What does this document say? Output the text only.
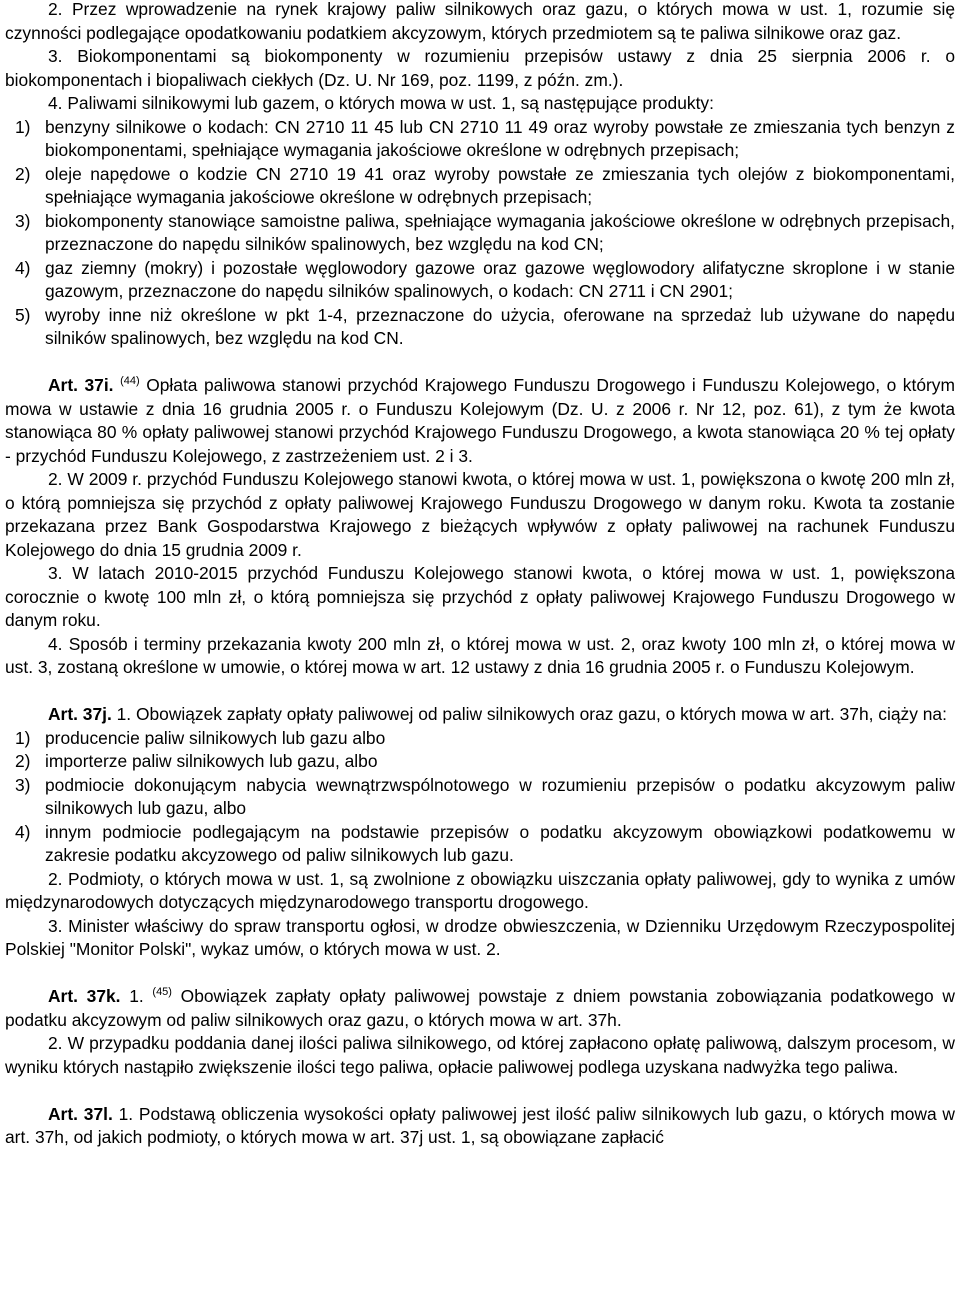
2. Przez wprowadzenie na rynek krajowy paliw silnikowych oraz gazu, o których mowa w ust. 1, rozumie się czynności podlegające opodatkowaniu podatkiem akcyzowym, których przedmiotem są te paliwa silnikowe oraz gaz.

3. Biokomponentami są biokomponenty w rozumieniu przepisów ustawy z dnia 25 sierpnia 2006 r. o biokomponentach i biopaliwach ciekłych (Dz. U. Nr 169, poz. 1199, z późn. zm.).

4. Paliwami silnikowymi lub gazem, o których mowa w ust. 1, są następujące produkty:

1) benzyny silnikowe o kodach: CN 2710 11 45 lub CN 2710 11 49 oraz wyroby powstałe ze zmieszania tych benzyn z biokomponentami, spełniające wymagania jakościowe określone w odrębnych przepisach;
2) oleje napędowe o kodzie CN 2710 19 41 oraz wyroby powstałe ze zmieszania tych olejów z biokomponentami, spełniające wymagania jakościowe określone w odrębnych przepisach;
3) biokomponenty stanowiące samoistne paliwa, spełniające wymagania jakościowe określone w odrębnych przepisach, przeznaczone do napędu silników spalinowych, bez względu na kod CN;
4) gaz ziemny (mokry) i pozostałe węglowodory gazowe oraz gazowe węglowodory alifatyczne skroplone i w stanie gazowym, przeznaczone do napędu silników spalinowych, o kodach: CN 2711 i CN 2901;
5) wyroby inne niż określone w pkt 1-4, przeznaczone do użycia, oferowane na sprzedaż lub używane do napędu silników spalinowych, bez względu na kod CN.

Art. 37i. $^{(44)}$ Opłata paliwowa stanowi przychód Krajowego Funduszu Drogowego i Funduszu Kolejowego, o którym mowa w ustawie z dnia 16 grudnia 2005 r. o Funduszu Kolejowym (Dz. U. z 2006 r. Nr 12, poz. 61), z tym że kwota stanowiąca 80 % opłaty paliwowej stanowi przychód Krajowego Funduszu Drogowego, a kwota stanowiąca 20 % tej opłaty - przychód Funduszu Kolejowego, z zastrzeżeniem ust. 2 i 3.

2. W 2009 r. przychód Funduszu Kolejowego stanowi kwota, o której mowa w ust. 1, powiększona o kwotę 200 mln zł, o którą pomniejsza się przychód z opłaty paliwowej Krajowego Funduszu Drogowego w danym roku. Kwota ta zostanie przekazana przez Bank Gospodarstwa Krajowego z bieżących wpływów z opłaty paliwowej na rachunek Funduszu Kolejowego do dnia 15 grudnia 2009 r.

3. W latach 2010-2015 przychód Funduszu Kolejowego stanowi kwota, o której mowa w ust. 1, powiększona corocznie o kwotę 100 mln zł, o którą pomniejsza się przychód z opłaty paliwowej Krajowego Funduszu Drogowego w danym roku.

4. Sposób i terminy przekazania kwoty 200 mln zł, o której mowa w ust. 2, oraz kwoty 100 mln zł, o której mowa w ust. 3, zostaną określone w umowie, o której mowa w art. 12 ustawy z dnia 16 grudnia 2005 r. o Funduszu Kolejowym.

Art. 37j. 1. Obowiązek zapłaty opłaty paliwowej od paliw silnikowych oraz gazu, o których mowa w art. 37h, ciąży na:

1) producencie paliw silnikowych lub gazu albo
2) importerze paliw silnikowych lub gazu, albo
3) podmiocie dokonującym nabycia wewnątrzwspólnotowego w rozumieniu przepisów o podatku akcyzowym paliw silnikowych lub gazu, albo
4) innym podmiocie podlegającym na podstawie przepisów o podatku akcyzowym obowiązkowi podatkowemu w zakresie podatku akcyzowego od paliw silnikowych lub gazu.

2. Podmioty, o których mowa w ust. 1, są zwolnione z obowiązku uiszczania opłaty paliwowej, gdy to wynika z umów międzynarodowych dotyczących międzynarodowego transportu drogowego.

3. Minister właściwy do spraw transportu ogłosi, w drodze obwieszczenia, w Dzienniku Urzędowym Rzeczypospolitej Polskiej "Monitor Polski", wykaz umów, o których mowa w ust. 2.

Art. 37k. 1. $^{(45)}$ Obowiązek zapłaty opłaty paliwowej powstaje z dniem powstania zobowiązania podatkowego w podatku akcyzowym od paliw silnikowych oraz gazu, o których mowa w art. 37h.

2. W przypadku poddania danej ilości paliwa silnikowego, od której zapłacono opłatę paliwową, dalszym procesom, w wyniku których nastąpiło zwiększenie ilości tego paliwa, opłacie paliwowej podlega uzyskana nadwyżka tego paliwa.

Art. 37l. 1. Podstawą obliczenia wysokości opłaty paliwowej jest ilość paliw silnikowych lub gazu, o których mowa w art. 37h, od jakich podmioty, o których mowa w art. 37j ust. 1, są obowiązane zapłacić
